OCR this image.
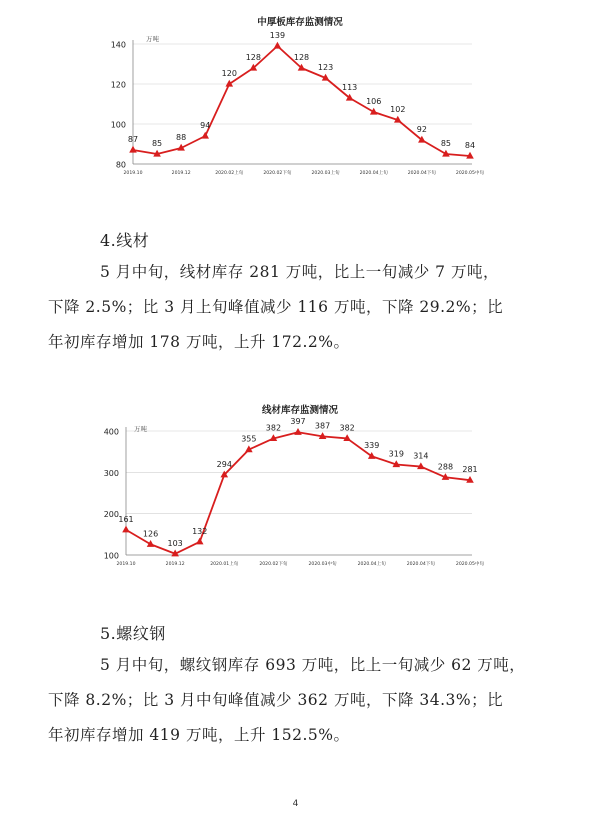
中厚板库存监测情况
万吨
80
100
120
140
2019.10	2019.12	2020.02上旬	2020.02下旬	2020.03上旬	2020.04上旬	2020.04下旬	2020.05中旬
87 85
88
94
120
128
139
128
123
113
106
102
92
85 84
4.线材
5 月中旬，线材库存 281 万吨，比上一旬减少 7 万吨，
下降 2.5%；比 3 月上旬峰值减少 116 万吨，下降 29.2%；比
年初库存增加 178 万吨，上升 172.2%。
线材库存监测情况
万吨
100
200
300
400
2019.10	2019.12	2020.01上旬	2020.02下旬	2020.03中旬	2020.04上旬	2020.04下旬	2020.05中旬
161
126
103
132
294
355
382
397 387 382
339
319 314
288 281
5.螺纹钢
5 月中旬，螺纹钢库存 693 万吨，比上一旬减少 62 万吨，
下降 8.2%；比 3 月中旬峰值减少 362 万吨，下降 34.3%；比
年初库存增加 419 万吨，上升 152.5%。
4
